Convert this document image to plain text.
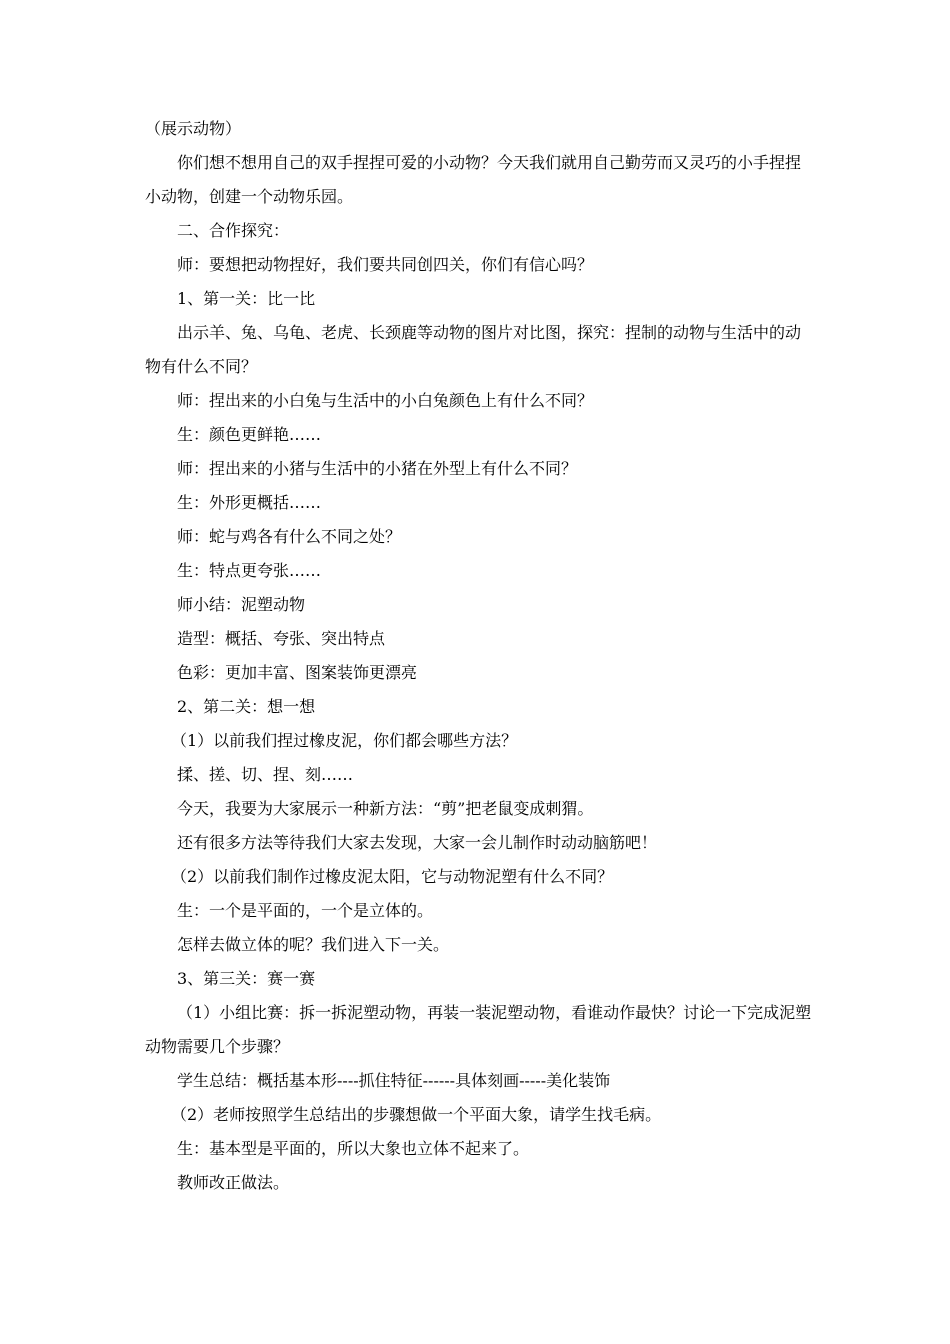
（展示动物）

你们想不想用自己的双手捏捏可爱的小动物？今天我们就用自己勤劳而又灵巧的小手捏捏小动物，创建一个动物乐园。

二、合作探究：

师：要想把动物捏好，我们要共同创四关，你们有信心吗？

1、第一关：比一比

出示羊、兔、乌龟、老虎、长颈鹿等动物的图片对比图，探究：捏制的动物与生活中的动物有什么不同？

师：捏出来的小白兔与生活中的小白兔颜色上有什么不同？

生：颜色更鲜艳……

师：捏出来的小猪与生活中的小猪在外型上有什么不同？

生：外形更概括……

师：蛇与鸡各有什么不同之处？

生：特点更夸张……

师小结：泥塑动物

造型：概括、夸张、突出特点

色彩：更加丰富、图案装饰更漂亮

2、第二关：想一想

（1）以前我们捏过橡皮泥，你们都会哪些方法？

揉、搓、切、捏、刻……

今天，我要为大家展示一种新方法：“剪”把老鼠变成刺猬。

还有很多方法等待我们大家去发现，大家一会儿制作时动动脑筋吧！

（2）以前我们制作过橡皮泥太阳，它与动物泥塑有什么不同？

生：一个是平面的，一个是立体的。

怎样去做立体的呢？我们进入下一关。

3、第三关：赛一赛

（1）小组比赛：拆一拆泥塑动物，再装一装泥塑动物，看谁动作最快？讨论一下完成泥塑动物需要几个步骤？

学生总结：概括基本形----抓住特征------具体刻画-----美化装饰

（2）老师按照学生总结出的步骤想做一个平面大象，请学生找毛病。

生：基本型是平面的，所以大象也立体不起来了。

教师改正做法。
